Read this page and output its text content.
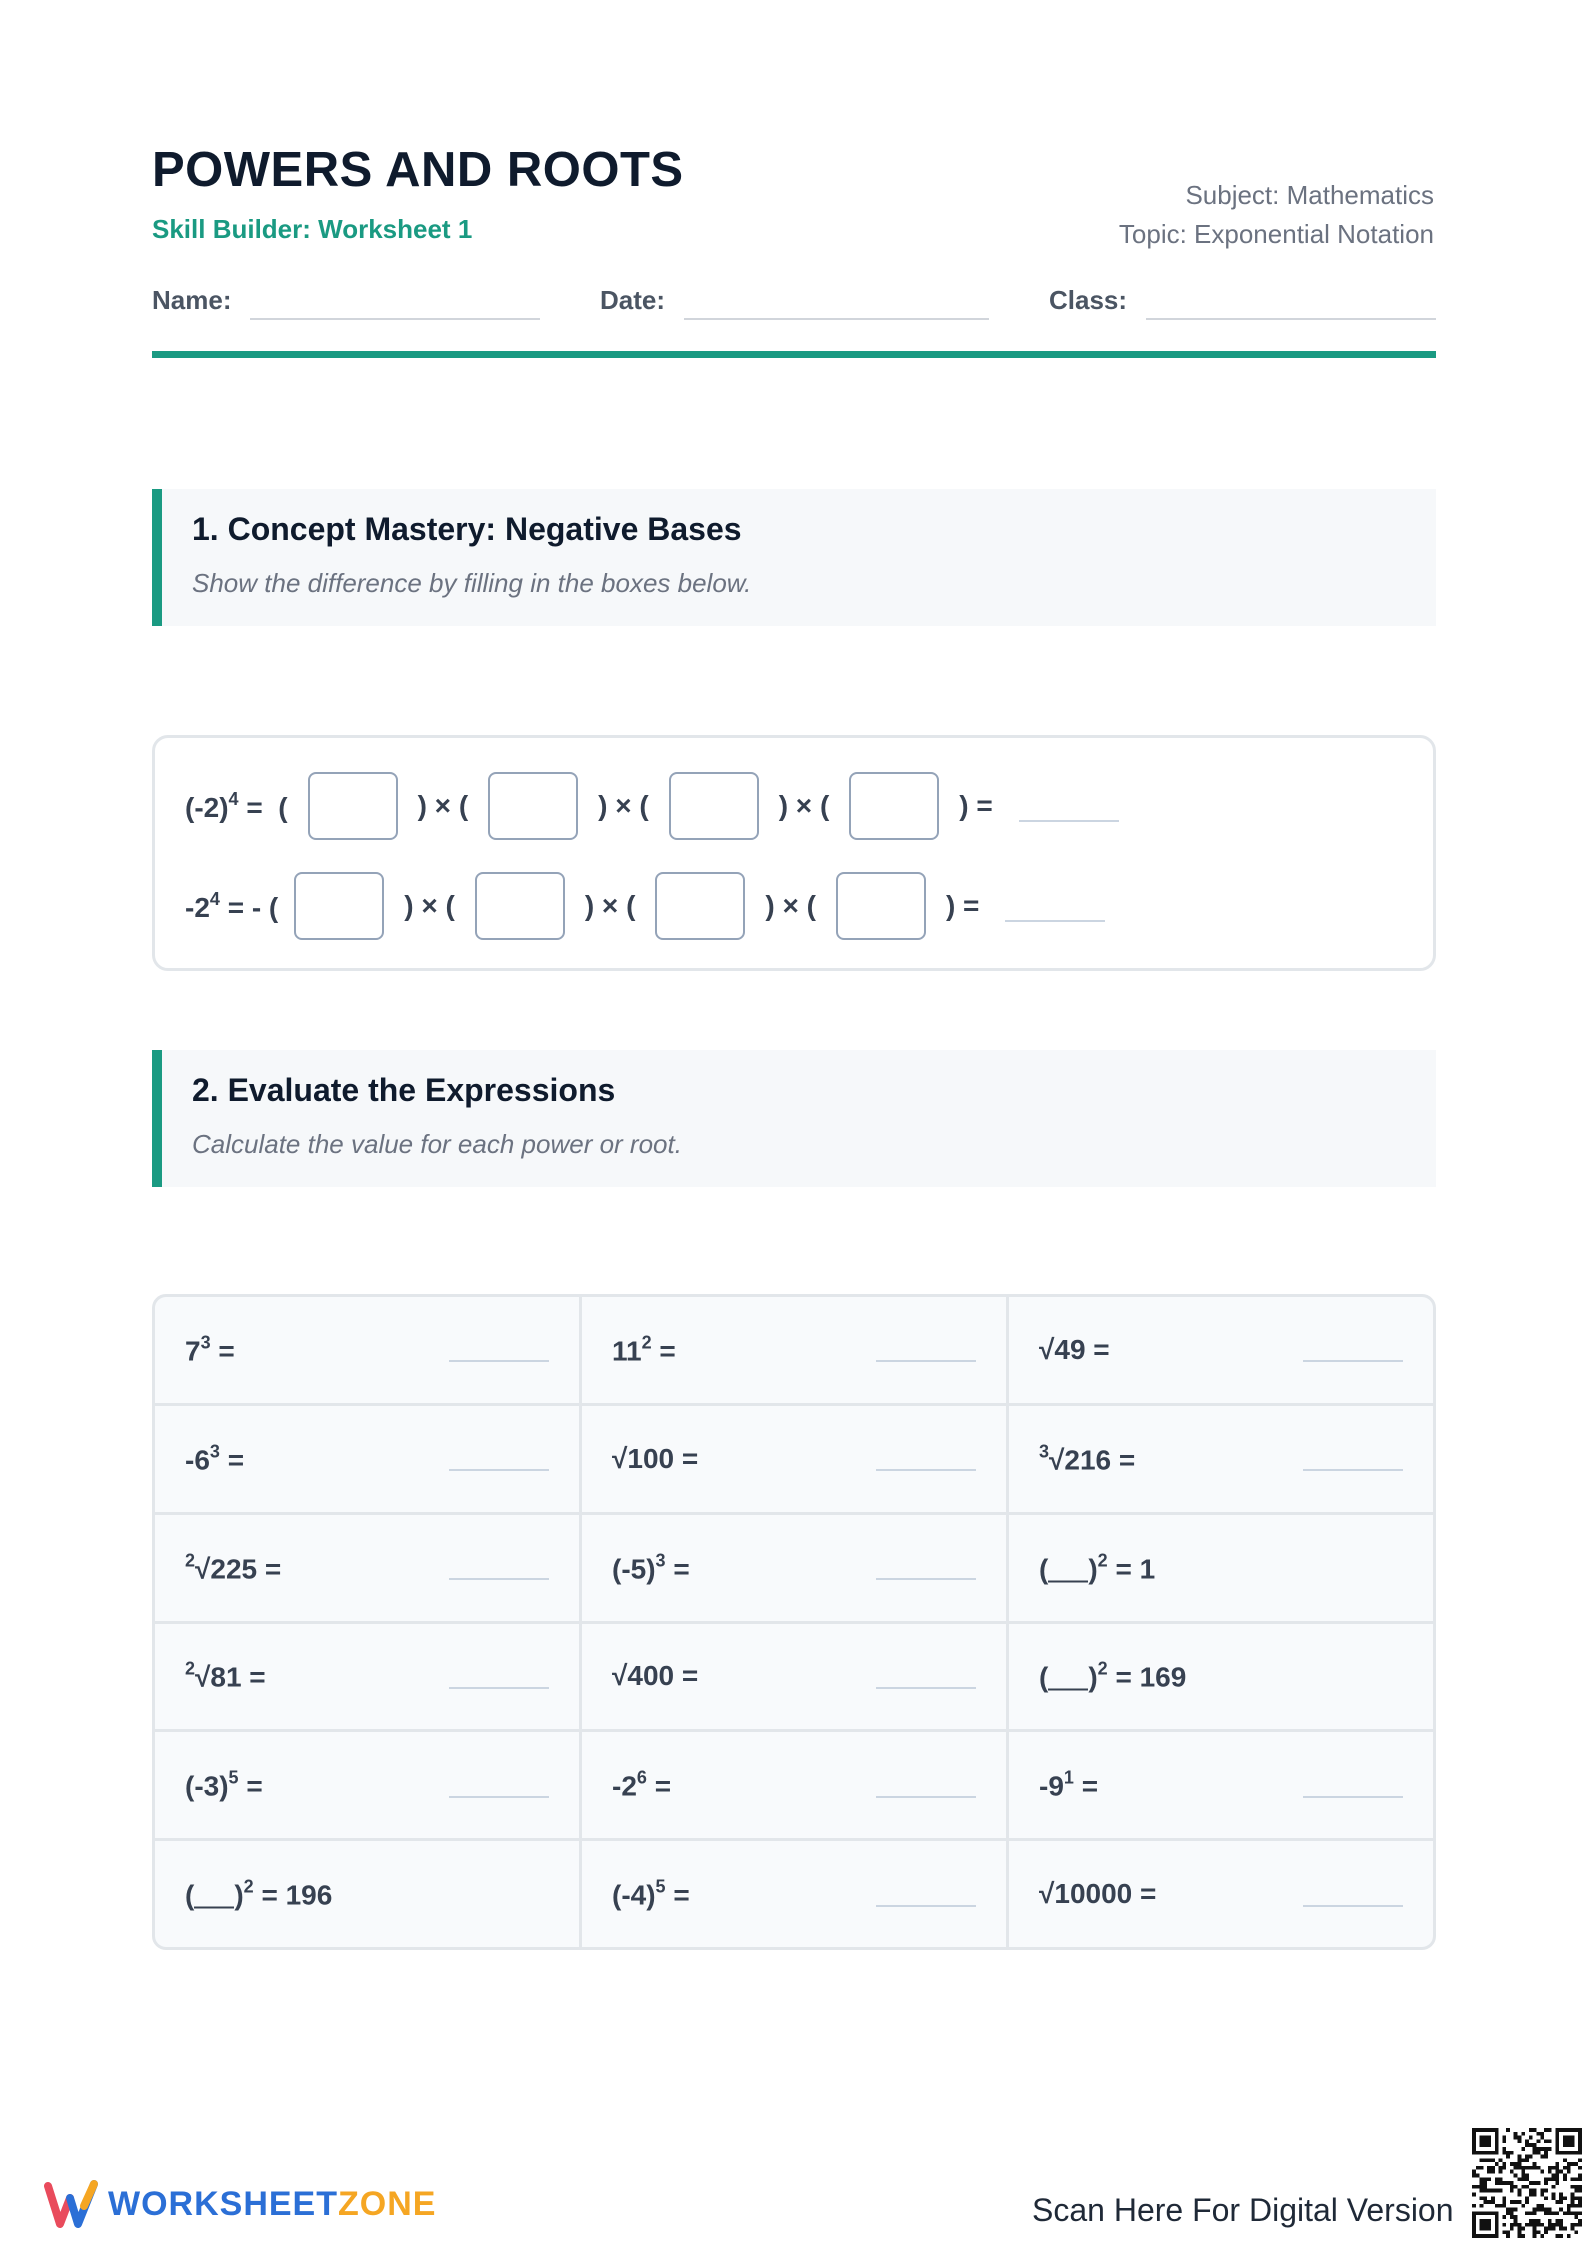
POWERS AND ROOTS
Skill Builder: Worksheet 1
Subject: Mathematics
Topic: Exponential Notation
Name:	Date:	Class:
1. Concept Mastery: Negative Bases
Show the difference by filling in the boxes below.
$(-2)^4$ =  (	) × (	) × (	) × (	) =
$-2^4$ = - (	) × (	) × (	) × (	) =
2. Evaluate the Expressions
Calculate the value for each power or root.
$7^3$ =	$11^2$ =	√49 =
$-6^3$ =	√100 =	$^3$√216 =
$^2$√225 =	$(-5)^3$ =	( )$^2$ = 1
$^2$√81 =	√400 =	( )$^2$ = 169
$(-3)^5$ =	$-2^6$ =	$-9^1$ =
( )$^2$ = 196	$(-4)^5$ =	√10000 =
WORKSHEETZONE	Scan Here For Digital Version
